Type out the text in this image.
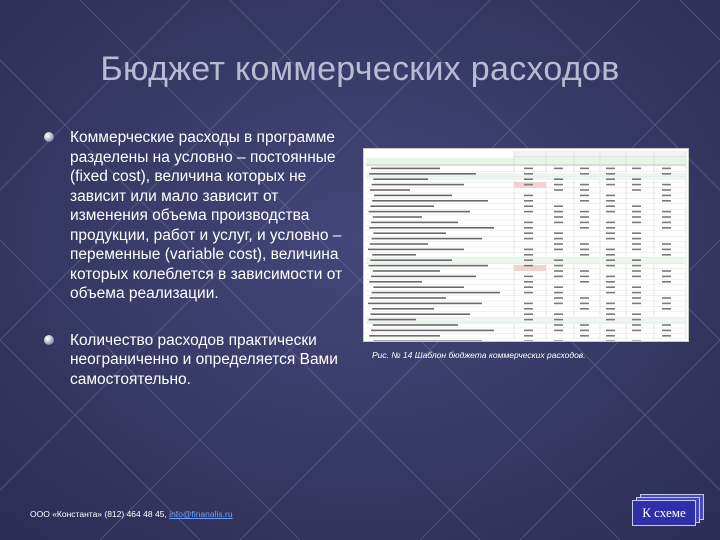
Бюджет коммерческих расходов
Коммерческие расходы в программе разделены на условно – постоянные (fixed cost), величина которых не зависит или мало зависит от изменения объема производства продукции, работ и услуг, и условно – переменные (variable cost), величина которых колеблется в зависимости от объема реализации.
Количество расходов практически неограниченно и определяется Вами самостоятельно.
Рис. № 14 Шаблон бюджета коммерческих расходов.
ООО «Константа» (812) 464 48 45, info@finanalis.ru	К схеме
